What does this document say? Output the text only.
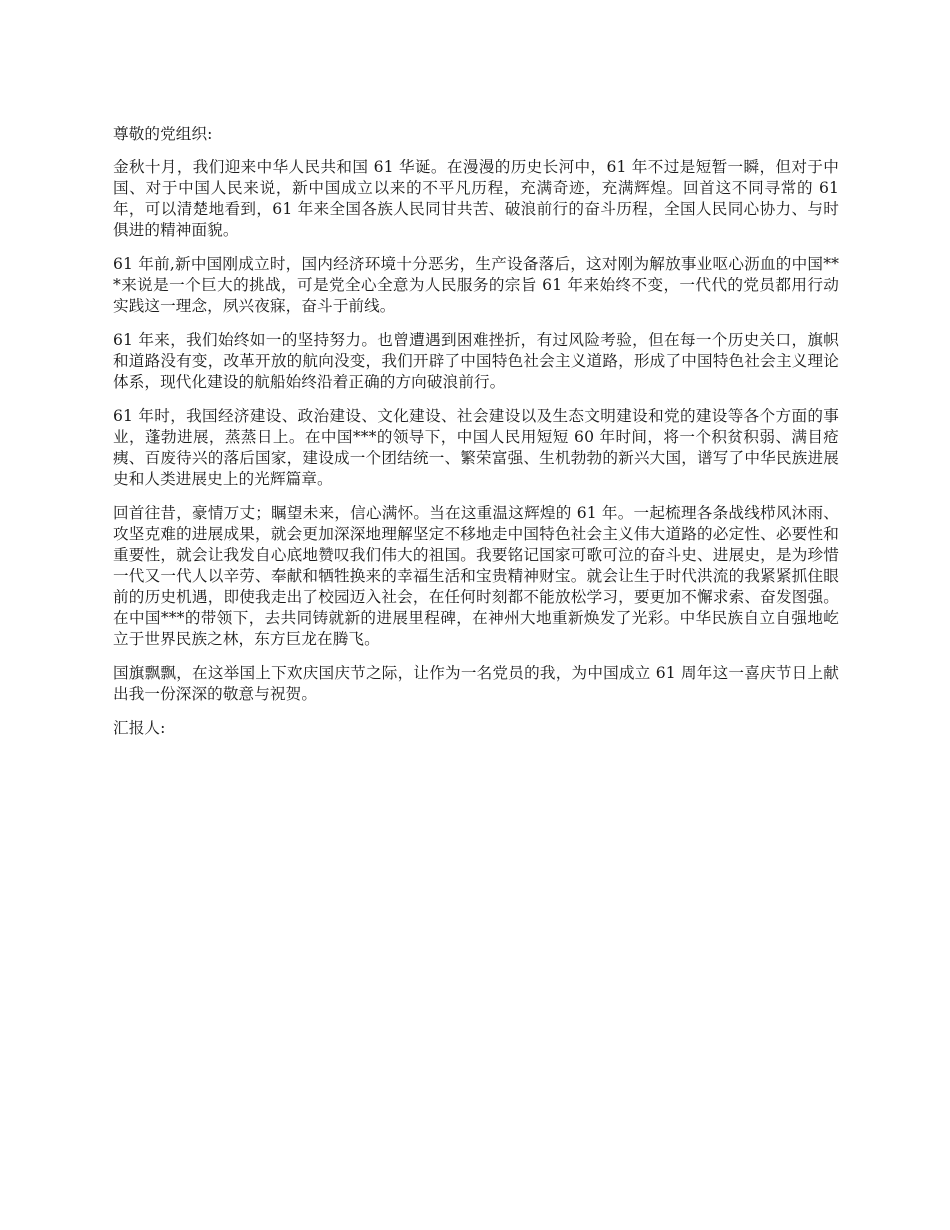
尊敬的党组织:

金秋十月，我们迎来中华人民共和国 61 华诞。在漫漫的历史长河中，61 年不过是短暂一瞬，但对于中国、对于中国人民来说，新中国成立以来的不平凡历程，充满奇迹，充满辉煌。回首这不同寻常的 61 年，可以清楚地看到，61 年来全国各族人民同甘共苦、破浪前行的奋斗历程，全国人民同心协力、与时俱进的精神面貌。

61 年前,新中国刚成立时，国内经济环境十分恶劣，生产设备落后，这对刚为解放事业呕心沥血的中国***来说是一个巨大的挑战，可是党全心全意为人民服务的宗旨 61 年来始终不变，一代代的党员都用行动实践这一理念，夙兴夜寐，奋斗于前线。

61 年来，我们始终如一的坚持努力。也曾遭遇到困难挫折，有过风险考验，但在每一个历史关口，旗帜和道路没有变，改革开放的航向没变，我们开辟了中国特色社会主义道路，形成了中国特色社会主义理论体系，现代化建设的航船始终沿着正确的方向破浪前行。

61 年时，我国经济建设、政治建设、文化建设、社会建设以及生态文明建设和党的建设等各个方面的事业，蓬勃进展，蒸蒸日上。在中国***的领导下，中国人民用短短 60 年时间，将一个积贫积弱、满目疮痍、百废待兴的落后国家，建设成一个团结统一、繁荣富强、生机勃勃的新兴大国，谱写了中华民族进展史和人类进展史上的光辉篇章。

回首往昔，豪情万丈；瞩望未来，信心满怀。当在这重温这辉煌的 61 年。一起梳理各条战线栉风沐雨、攻坚克难的进展成果，就会更加深深地理解坚定不移地走中国特色社会主义伟大道路的必定性、必要性和重要性，就会让我发自心底地赞叹我们伟大的祖国。我要铭记国家可歌可泣的奋斗史、进展史，是为珍惜一代又一代人以辛劳、奉献和牺牲换来的幸福生活和宝贵精神财宝。就会让生于时代洪流的我紧紧抓住眼前的历史机遇，即使我走出了校园迈入社会，在任何时刻都不能放松学习，要更加不懈求索、奋发图强。在中国***的带领下，去共同铸就新的进展里程碑，在神州大地重新焕发了光彩。中华民族自立自强地屹立于世界民族之林，东方巨龙在腾飞。

国旗飘飘，在这举国上下欢庆国庆节之际，让作为一名党员的我，为中国成立 61 周年这一喜庆节日上献出我一份深深的敬意与祝贺。

汇报人:
